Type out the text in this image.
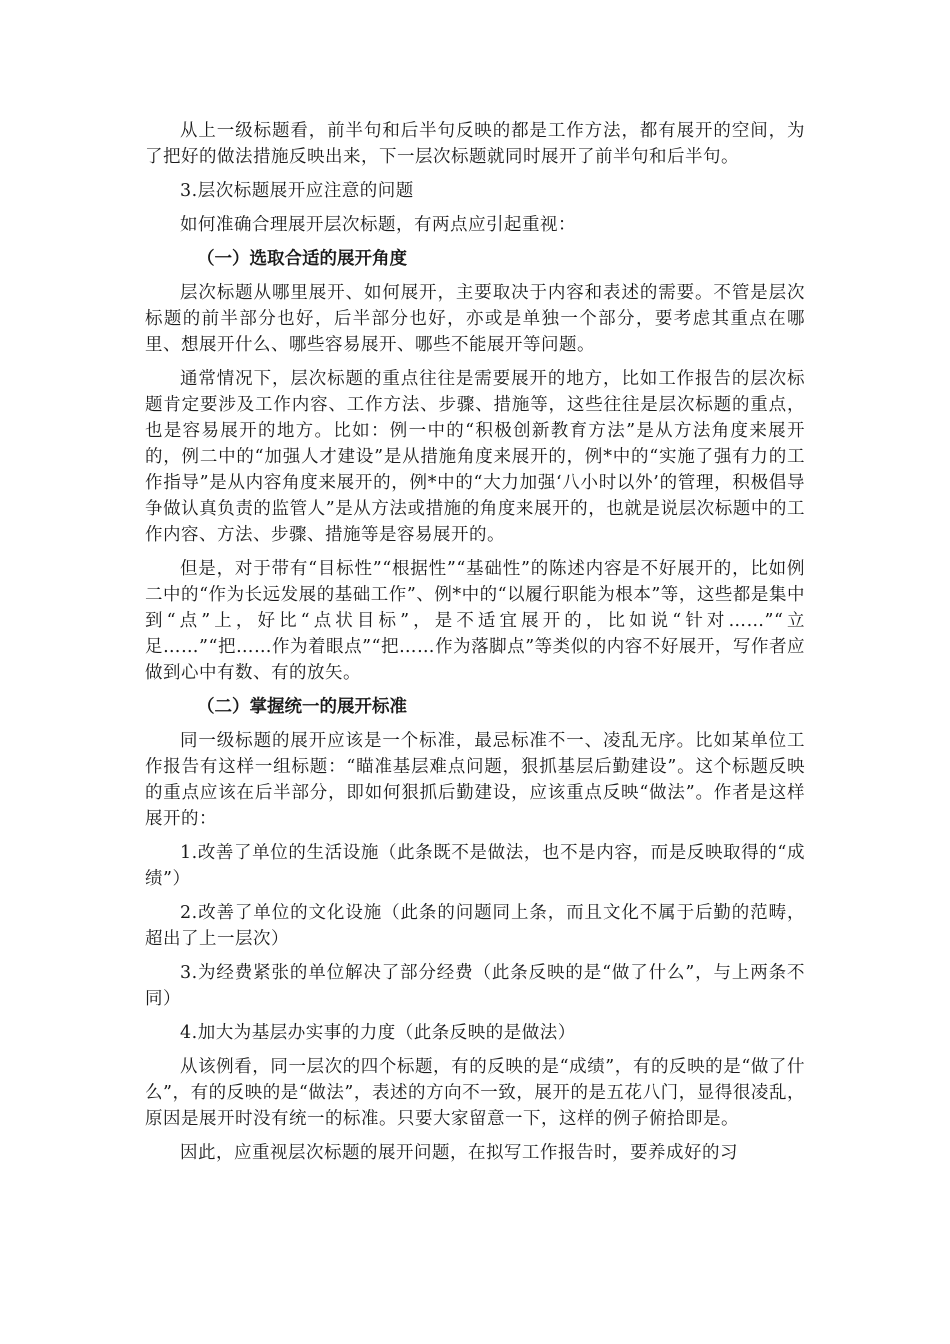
从上一级标题看，前半句和后半句反映的都是工作方法，都有展开的空间，为了把好的做法措施反映出来，下一层次标题就同时展开了前半句和后半句。

3.层次标题展开应注意的问题

如何准确合理展开层次标题，有两点应引起重视：

（一）选取合适的展开角度

层次标题从哪里展开、如何展开，主要取决于内容和表述的需要。不管是层次标题的前半部分也好，后半部分也好，亦或是单独一个部分，要考虑其重点在哪里、想展开什么、哪些容易展开、哪些不能展开等问题。

通常情况下，层次标题的重点往往是需要展开的地方，比如工作报告的层次标题肯定要涉及工作内容、工作方法、步骤、措施等，这些往往是层次标题的重点，也是容易展开的地方。比如：例一中的“积极创新教育方法”是从方法角度来展开的，例二中的“加强人才建设”是从措施角度来展开的，例*中的“实施了强有力的工作指导”是从内容角度来展开的，例*中的“大力加强‘八小时以外’的管理，积极倡导争做认真负责的监管人”是从方法或措施的角度来展开的，也就是说层次标题中的工作内容、方法、步骤、措施等是容易展开的。

但是，对于带有“目标性”“根据性”“基础性”的陈述内容是不好展开的，比如例二中的“作为长远发展的基础工作”、例*中的“以履行职能为根本”等，这些都是集中到“点”上，好比“点状目标”，是不适宜展开的，比如说“针对……”“立足……”“把……作为着眼点”“把……作为落脚点”等类似的内容不好展开，写作者应做到心中有数、有的放矢。

（二）掌握统一的展开标准

同一级标题的展开应该是一个标准，最忌标准不一、凌乱无序。比如某单位工作报告有这样一组标题：“瞄准基层难点问题，狠抓基层后勤建设”。这个标题反映的重点应该在后半部分，即如何狠抓后勤建设，应该重点反映“做法”。作者是这样展开的：

1.改善了单位的生活设施（此条既不是做法，也不是内容，而是反映取得的“成绩”）

2.改善了单位的文化设施（此条的问题同上条，而且文化不属于后勤的范畴，超出了上一层次）

3.为经费紧张的单位解决了部分经费（此条反映的是“做了什么”，与上两条不同）

4.加大为基层办实事的力度（此条反映的是做法）

从该例看，同一层次的四个标题，有的反映的是“成绩”，有的反映的是“做了什么”，有的反映的是“做法”，表述的方向不一致，展开的是五花八门，显得很凌乱，原因是展开时没有统一的标准。只要大家留意一下，这样的例子俯拾即是。

因此，应重视层次标题的展开问题，在拟写工作报告时，要养成好的习
